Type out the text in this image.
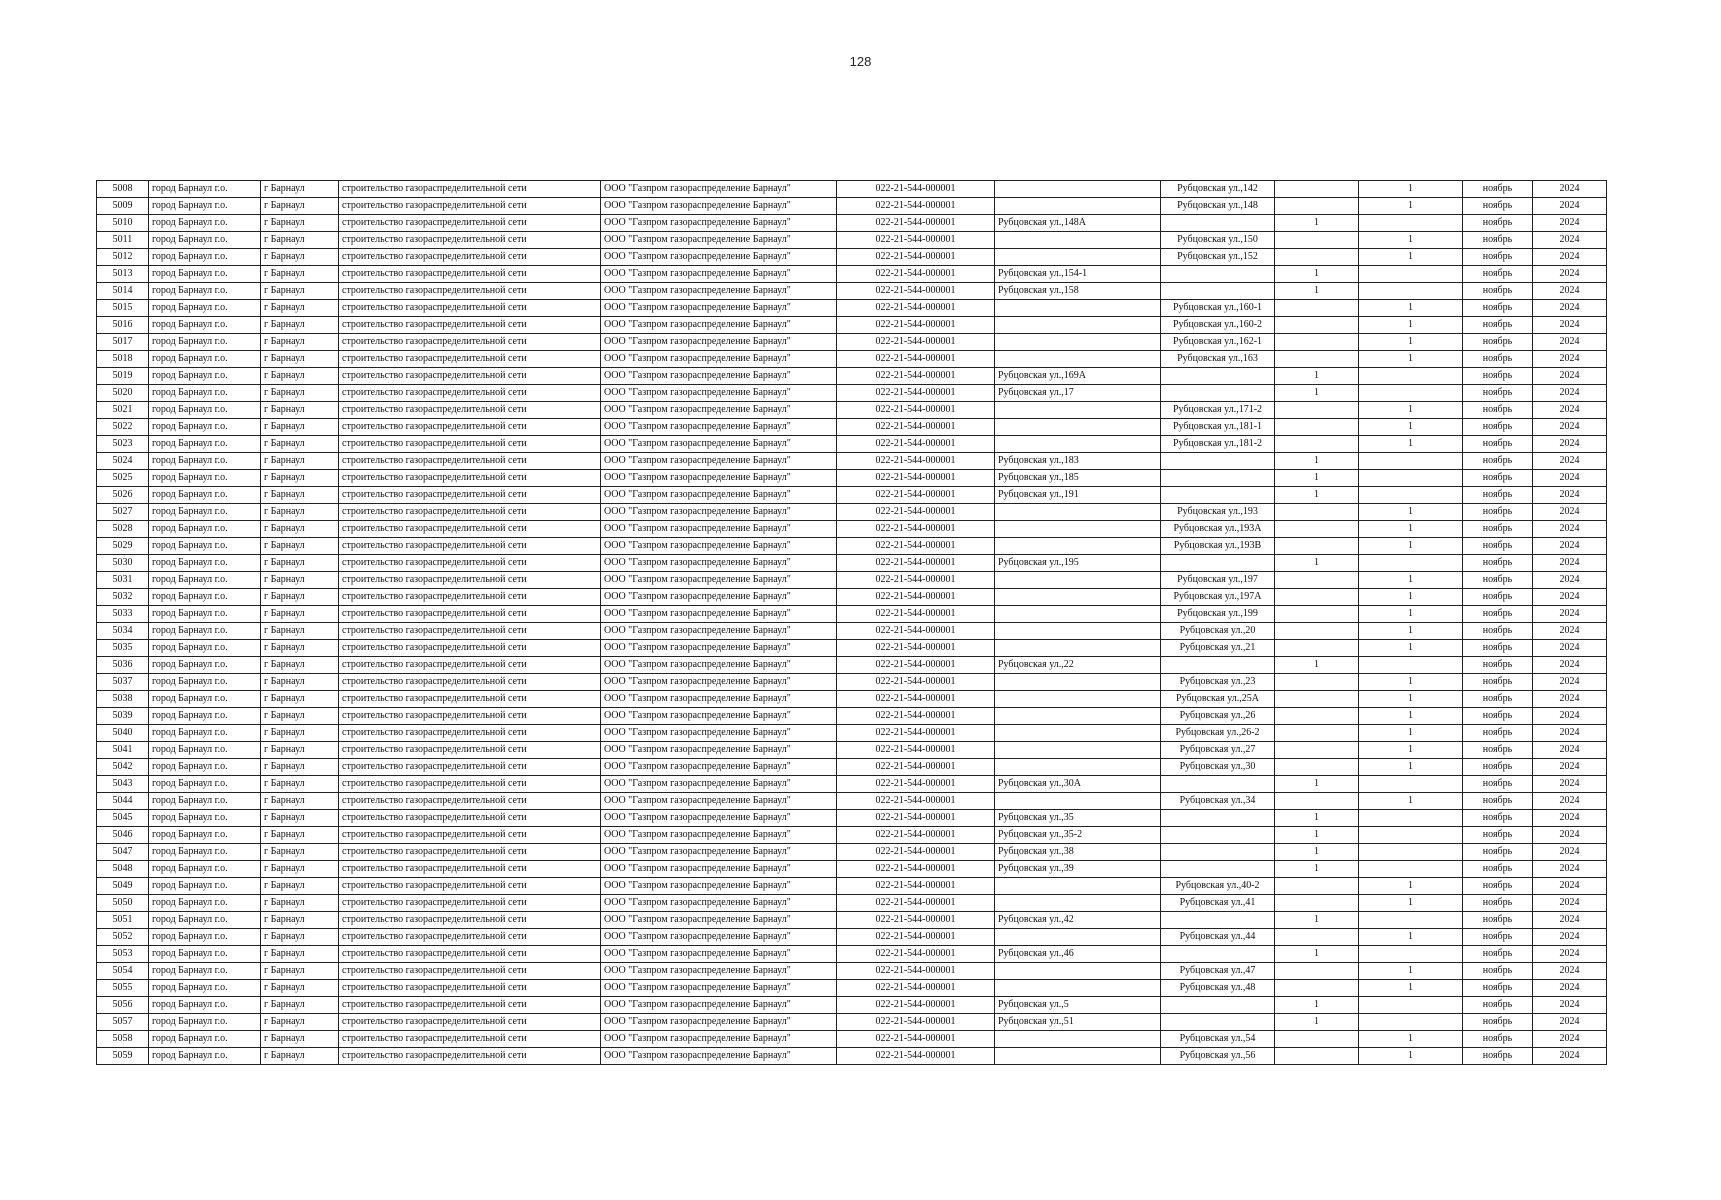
128
5008	город Барнаул г.о.	г Барнаул	строительство газораспределительной сети	ООО "Газпром газораспределение Барнаул"	022-21-544-000001		Рубцовская ул.,142		1	ноябрь	2024
5009	город Барнаул г.о.	г Барнаул	строительство газораспределительной сети	ООО "Газпром газораспределение Барнаул"	022-21-544-000001		Рубцовская ул.,148		1	ноябрь	2024
5010	город Барнаул г.о.	г Барнаул	строительство газораспределительной сети	ООО "Газпром газораспределение Барнаул"	022-21-544-000001	Рубцовская ул.,148А		1		ноябрь	2024
5011	город Барнаул г.о.	г Барнаул	строительство газораспределительной сети	ООО "Газпром газораспределение Барнаул"	022-21-544-000001		Рубцовская ул.,150		1	ноябрь	2024
5012	город Барнаул г.о.	г Барнаул	строительство газораспределительной сети	ООО "Газпром газораспределение Барнаул"	022-21-544-000001		Рубцовская ул.,152		1	ноябрь	2024
5013	город Барнаул г.о.	г Барнаул	строительство газораспределительной сети	ООО "Газпром газораспределение Барнаул"	022-21-544-000001	Рубцовская ул.,154-1		1		ноябрь	2024
5014	город Барнаул г.о.	г Барнаул	строительство газораспределительной сети	ООО "Газпром газораспределение Барнаул"	022-21-544-000001	Рубцовская ул.,158		1		ноябрь	2024
5015	город Барнаул г.о.	г Барнаул	строительство газораспределительной сети	ООО "Газпром газораспределение Барнаул"	022-21-544-000001		Рубцовская ул.,160-1		1	ноябрь	2024
5016	город Барнаул г.о.	г Барнаул	строительство газораспределительной сети	ООО "Газпром газораспределение Барнаул"	022-21-544-000001		Рубцовская ул.,160-2		1	ноябрь	2024
5017	город Барнаул г.о.	г Барнаул	строительство газораспределительной сети	ООО "Газпром газораспределение Барнаул"	022-21-544-000001		Рубцовская ул.,162-1		1	ноябрь	2024
5018	город Барнаул г.о.	г Барнаул	строительство газораспределительной сети	ООО "Газпром газораспределение Барнаул"	022-21-544-000001		Рубцовская ул.,163		1	ноябрь	2024
5019	город Барнаул г.о.	г Барнаул	строительство газораспределительной сети	ООО "Газпром газораспределение Барнаул"	022-21-544-000001	Рубцовская ул.,169А		1		ноябрь	2024
5020	город Барнаул г.о.	г Барнаул	строительство газораспределительной сети	ООО "Газпром газораспределение Барнаул"	022-21-544-000001	Рубцовская ул.,17		1		ноябрь	2024
5021	город Барнаул г.о.	г Барнаул	строительство газораспределительной сети	ООО "Газпром газораспределение Барнаул"	022-21-544-000001		Рубцовская ул.,171-2		1	ноябрь	2024
5022	город Барнаул г.о.	г Барнаул	строительство газораспределительной сети	ООО "Газпром газораспределение Барнаул"	022-21-544-000001		Рубцовская ул.,181-1		1	ноябрь	2024
5023	город Барнаул г.о.	г Барнаул	строительство газораспределительной сети	ООО "Газпром газораспределение Барнаул"	022-21-544-000001		Рубцовская ул.,181-2		1	ноябрь	2024
5024	город Барнаул г.о.	г Барнаул	строительство газораспределительной сети	ООО "Газпром газораспределение Барнаул"	022-21-544-000001	Рубцовская ул.,183		1		ноябрь	2024
5025	город Барнаул г.о.	г Барнаул	строительство газораспределительной сети	ООО "Газпром газораспределение Барнаул"	022-21-544-000001	Рубцовская ул.,185		1		ноябрь	2024
5026	город Барнаул г.о.	г Барнаул	строительство газораспределительной сети	ООО "Газпром газораспределение Барнаул"	022-21-544-000001	Рубцовская ул.,191		1		ноябрь	2024
5027	город Барнаул г.о.	г Барнаул	строительство газораспределительной сети	ООО "Газпром газораспределение Барнаул"	022-21-544-000001		Рубцовская ул.,193		1	ноябрь	2024
5028	город Барнаул г.о.	г Барнаул	строительство газораспределительной сети	ООО "Газпром газораспределение Барнаул"	022-21-544-000001		Рубцовская ул.,193А		1	ноябрь	2024
5029	город Барнаул г.о.	г Барнаул	строительство газораспределительной сети	ООО "Газпром газораспределение Барнаул"	022-21-544-000001		Рубцовская ул.,193В		1	ноябрь	2024
5030	город Барнаул г.о.	г Барнаул	строительство газораспределительной сети	ООО "Газпром газораспределение Барнаул"	022-21-544-000001	Рубцовская ул.,195		1		ноябрь	2024
5031	город Барнаул г.о.	г Барнаул	строительство газораспределительной сети	ООО "Газпром газораспределение Барнаул"	022-21-544-000001		Рубцовская ул.,197		1	ноябрь	2024
5032	город Барнаул г.о.	г Барнаул	строительство газораспределительной сети	ООО "Газпром газораспределение Барнаул"	022-21-544-000001		Рубцовская ул.,197А		1	ноябрь	2024
5033	город Барнаул г.о.	г Барнаул	строительство газораспределительной сети	ООО "Газпром газораспределение Барнаул"	022-21-544-000001		Рубцовская ул.,199		1	ноябрь	2024
5034	город Барнаул г.о.	г Барнаул	строительство газораспределительной сети	ООО "Газпром газораспределение Барнаул"	022-21-544-000001		Рубцовская ул.,20		1	ноябрь	2024
5035	город Барнаул г.о.	г Барнаул	строительство газораспределительной сети	ООО "Газпром газораспределение Барнаул"	022-21-544-000001		Рубцовская ул.,21		1	ноябрь	2024
5036	город Барнаул г.о.	г Барнаул	строительство газораспределительной сети	ООО "Газпром газораспределение Барнаул"	022-21-544-000001	Рубцовская ул.,22		1		ноябрь	2024
5037	город Барнаул г.о.	г Барнаул	строительство газораспределительной сети	ООО "Газпром газораспределение Барнаул"	022-21-544-000001		Рубцовская ул.,23		1	ноябрь	2024
5038	город Барнаул г.о.	г Барнаул	строительство газораспределительной сети	ООО "Газпром газораспределение Барнаул"	022-21-544-000001		Рубцовская ул.,25А		1	ноябрь	2024
5039	город Барнаул г.о.	г Барнаул	строительство газораспределительной сети	ООО "Газпром газораспределение Барнаул"	022-21-544-000001		Рубцовская ул.,26		1	ноябрь	2024
5040	город Барнаул г.о.	г Барнаул	строительство газораспределительной сети	ООО "Газпром газораспределение Барнаул"	022-21-544-000001		Рубцовская ул.,26-2		1	ноябрь	2024
5041	город Барнаул г.о.	г Барнаул	строительство газораспределительной сети	ООО "Газпром газораспределение Барнаул"	022-21-544-000001		Рубцовская ул.,27		1	ноябрь	2024
5042	город Барнаул г.о.	г Барнаул	строительство газораспределительной сети	ООО "Газпром газораспределение Барнаул"	022-21-544-000001		Рубцовская ул.,30		1	ноябрь	2024
5043	город Барнаул г.о.	г Барнаул	строительство газораспределительной сети	ООО "Газпром газораспределение Барнаул"	022-21-544-000001	Рубцовская ул.,30А		1		ноябрь	2024
5044	город Барнаул г.о.	г Барнаул	строительство газораспределительной сети	ООО "Газпром газораспределение Барнаул"	022-21-544-000001		Рубцовская ул.,34		1	ноябрь	2024
5045	город Барнаул г.о.	г Барнаул	строительство газораспределительной сети	ООО "Газпром газораспределение Барнаул"	022-21-544-000001	Рубцовская ул.,35		1		ноябрь	2024
5046	город Барнаул г.о.	г Барнаул	строительство газораспределительной сети	ООО "Газпром газораспределение Барнаул"	022-21-544-000001	Рубцовская ул.,35-2		1		ноябрь	2024
5047	город Барнаул г.о.	г Барнаул	строительство газораспределительной сети	ООО "Газпром газораспределение Барнаул"	022-21-544-000001	Рубцовская ул.,38		1		ноябрь	2024
5048	город Барнаул г.о.	г Барнаул	строительство газораспределительной сети	ООО "Газпром газораспределение Барнаул"	022-21-544-000001	Рубцовская ул.,39		1		ноябрь	2024
5049	город Барнаул г.о.	г Барнаул	строительство газораспределительной сети	ООО "Газпром газораспределение Барнаул"	022-21-544-000001		Рубцовская ул.,40-2		1	ноябрь	2024
5050	город Барнаул г.о.	г Барнаул	строительство газораспределительной сети	ООО "Газпром газораспределение Барнаул"	022-21-544-000001		Рубцовская ул.,41		1	ноябрь	2024
5051	город Барнаул г.о.	г Барнаул	строительство газораспределительной сети	ООО "Газпром газораспределение Барнаул"	022-21-544-000001	Рубцовская ул.,42		1		ноябрь	2024
5052	город Барнаул г.о.	г Барнаул	строительство газораспределительной сети	ООО "Газпром газораспределение Барнаул"	022-21-544-000001		Рубцовская ул.,44		1	ноябрь	2024
5053	город Барнаул г.о.	г Барнаул	строительство газораспределительной сети	ООО "Газпром газораспределение Барнаул"	022-21-544-000001	Рубцовская ул.,46		1		ноябрь	2024
5054	город Барнаул г.о.	г Барнаул	строительство газораспределительной сети	ООО "Газпром газораспределение Барнаул"	022-21-544-000001		Рубцовская ул.,47		1	ноябрь	2024
5055	город Барнаул г.о.	г Барнаул	строительство газораспределительной сети	ООО "Газпром газораспределение Барнаул"	022-21-544-000001		Рубцовская ул.,48		1	ноябрь	2024
5056	город Барнаул г.о.	г Барнаул	строительство газораспределительной сети	ООО "Газпром газораспределение Барнаул"	022-21-544-000001	Рубцовская ул.,5		1		ноябрь	2024
5057	город Барнаул г.о.	г Барнаул	строительство газораспределительной сети	ООО "Газпром газораспределение Барнаул"	022-21-544-000001	Рубцовская ул.,51		1		ноябрь	2024
5058	город Барнаул г.о.	г Барнаул	строительство газораспределительной сети	ООО "Газпром газораспределение Барнаул"	022-21-544-000001		Рубцовская ул.,54		1	ноябрь	2024
5059	город Барнаул г.о.	г Барнаул	строительство газораспределительной сети	ООО "Газпром газораспределение Барнаул"	022-21-544-000001		Рубцовская ул.,56		1	ноябрь	2024
